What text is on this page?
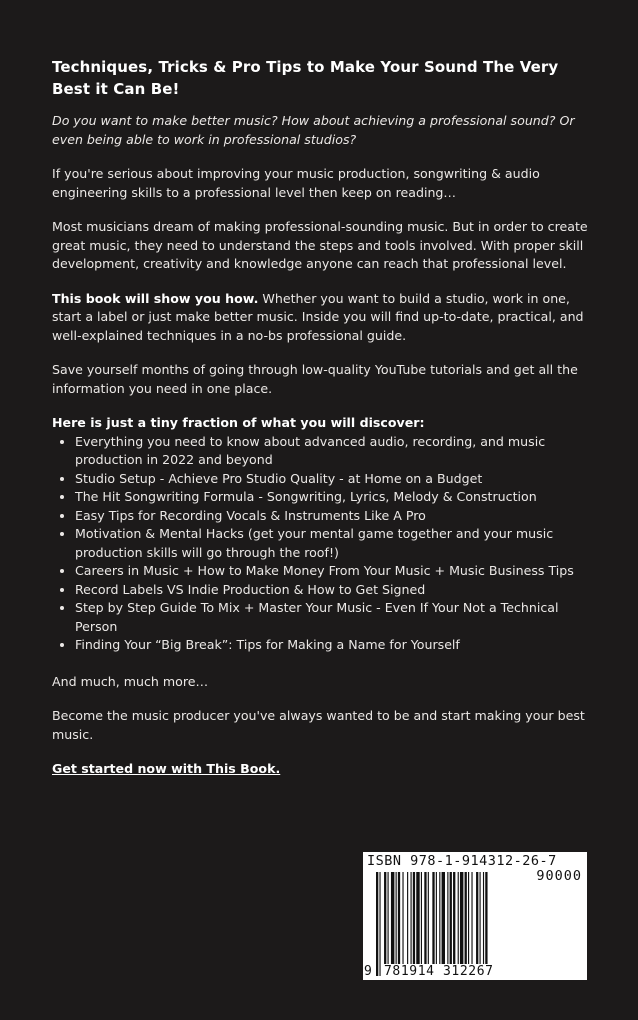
Techniques, Tricks & Pro Tips to Make Your Sound The Very Best it Can Be!

Do you want to make better music? How about achieving a professional sound? Or even being able to work in professional studios?

If you're serious about improving your music production, songwriting & audio engineering skills to a professional level then keep on reading…

Most musicians dream of making professional-sounding music. But in order to create great music, they need to understand the steps and tools involved. With proper skill development, creativity and knowledge anyone can reach that professional level.

This book will show you how. Whether you want to build a studio, work in one, start a label or just make better music. Inside you will find up-to-date, practical, and well-explained techniques in a no-bs professional guide.

Save yourself months of going through low-quality YouTube tutorials and get all the information you need in one place.

Here is just a tiny fraction of what you will discover:
• Everything you need to know about advanced audio, recording, and music production in 2022 and beyond
• Studio Setup - Achieve Pro Studio Quality - at Home on a Budget
• The Hit Songwriting Formula - Songwriting, Lyrics, Melody & Construction
• Easy Tips for Recording Vocals & Instruments Like A Pro
• Motivation & Mental Hacks (get your mental game together and your music production skills will go through the roof!)
• Careers in Music + How to Make Money From Your Music + Music Business Tips
• Record Labels VS Indie Production & How to Get Signed
• Step by Step Guide To Mix + Master Your Music - Even If Your Not a Technical Person
• Finding Your “Big Break”: Tips for Making a Name for Yourself

And much, much more…

Become the music producer you've always wanted to be and start making your best music.

Get started now with This Book.
ISBN 978-1-914312-26-7
90000
9 781914 312267
